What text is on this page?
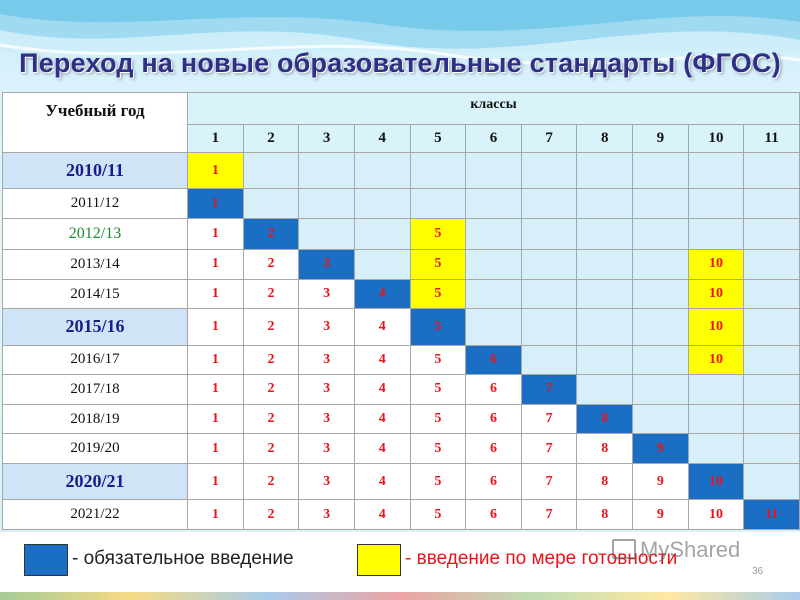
Переход на новые образовательные стандарты (ФГОС)
Учебный год	классы										
	1	2	3	4	5	6	7	8	9	10	11
2010/11	1										
2011/12	1										
2012/13	1	2			5						
2013/14	1	2	3		5					10	
2014/15	1	2	3	4	5					10	
2015/16	1	2	3	4	5					10	
2016/17	1	2	3	4	5	6				10	
2017/18	1	2	3	4	5	6	7				
2018/19	1	2	3	4	5	6	7	8			
2019/20	1	2	3	4	5	6	7	8	9		
2020/21	1	2	3	4	5	6	7	8	9	10	
2021/22	1	2	3	4	5	6	7	8	9	10	11
- обязательное введение	- введение по мере готовности
MyShared
36
